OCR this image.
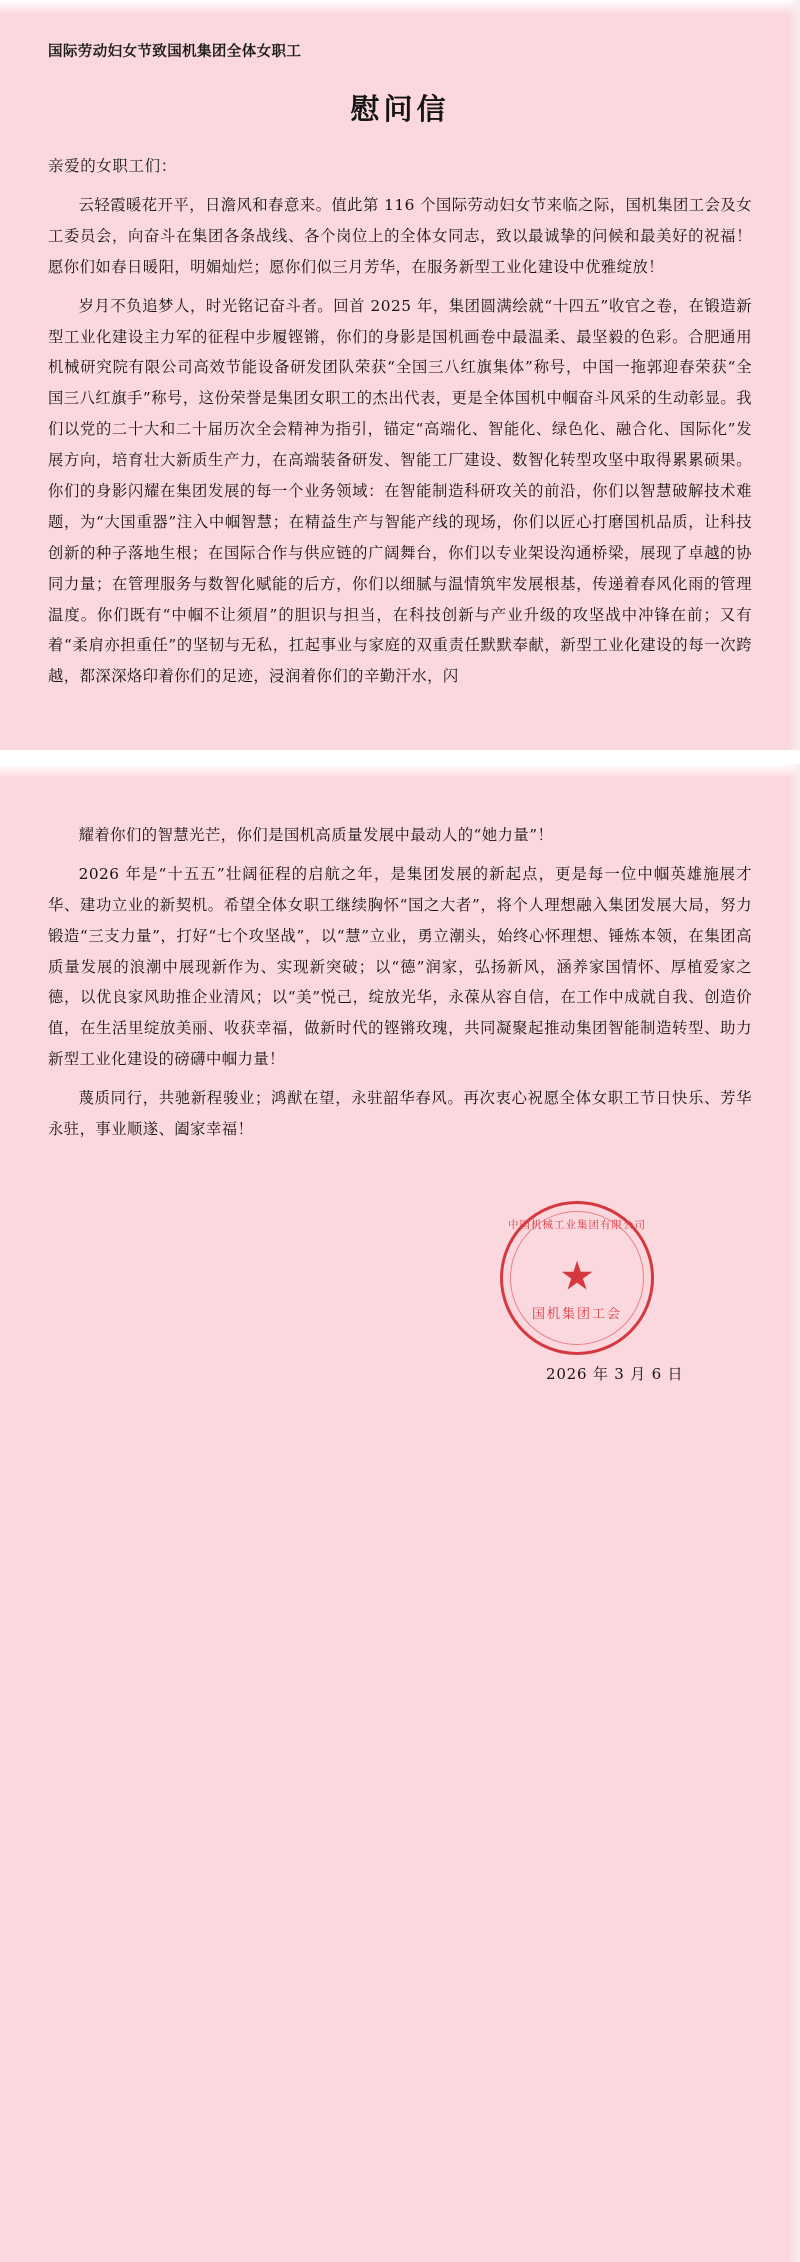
国际劳动妇女节致国机集团全体女职工
慰问信
亲爱的女职工们：

云轻霞暖花开平，日澹风和春意来。值此第 116 个国际劳动妇女节来临之际，国机集团工会及女工委员会，向奋斗在集团各条战线、各个岗位上的全体女同志，致以最诚挚的问候和最美好的祝福！愿你们如春日暖阳，明媚灿烂；愿你们似三月芳华，在服务新型工业化建设中优雅绽放！

岁月不负追梦人，时光铭记奋斗者。回首 2025 年，集团圆满绘就“十四五”收官之卷，在锻造新型工业化建设主力军的征程中步履铿锵，你们的身影是国机画卷中最温柔、最坚毅的色彩。合肥通用机械研究院有限公司高效节能设备研发团队荣获“全国三八红旗集体”称号，中国一拖郭迎春荣获“全国三八红旗手”称号，这份荣誉是集团女职工的杰出代表，更是全体国机中帼奋斗风采的生动彰显。我们以党的二十大和二十届历次全会精神为指引，锚定“高端化、智能化、绿色化、融合化、国际化”发展方向，培育壮大新质生产力，在高端装备研发、智能工厂建设、数智化转型攻坚中取得累累硕果。你们的身影闪耀在集团发展的每一个业务领域：在智能制造科研攻关的前沿，你们以智慧破解技术难题，为“大国重器”注入中帼智慧；在精益生产与智能产线的现场，你们以匠心打磨国机品质，让科技创新的种子落地生根；在国际合作与供应链的广阔舞台，你们以专业架设沟通桥梁，展现了卓越的协同力量；在管理服务与数智化赋能的后方，你们以细腻与温情筑牢发展根基，传递着春风化雨的管理温度。你们既有“中帼不让须眉”的胆识与担当，在科技创新与产业升级的攻坚战中冲锋在前；又有着“柔肩亦担重任”的坚韧与无私，扛起事业与家庭的双重责任默默奉献，新型工业化建设的每一次跨越，都深深烙印着你们的足迹，浸润着你们的辛勤汗水，闪

耀着你们的智慧光芒，你们是国机高质量发展中最动人的“她力量”！

2026 年是“十五五”壮阔征程的启航之年，是集团发展的新起点，更是每一位中帼英雄施展才华、建功立业的新契机。希望全体女职工继续胸怀“国之大者”，将个人理想融入集团发展大局，努力锻造“三支力量”，打好“七个攻坚战”，以“慧”立业，勇立潮头，始终心怀理想、锤炼本领，在集团高质量发展的浪潮中展现新作为、实现新突破；以“德”润家，弘扬新风，涵养家国情怀、厚植爱家之德，以优良家风助推企业清风；以“美”悦己，绽放光华，永葆从容自信，在工作中成就自我、创造价值，在生活里绽放美丽、收获幸福，做新时代的铿锵玫瑰，共同凝聚起推动集团智能制造转型、助力新型工业化建设的磅礴中帼力量！

蔑质同行，共驰新程骏业；鸿猷在望，永驻韶华春风。再次衷心祝愿全体女职工节日快乐、芳华永驻，事业顺遂、阖家幸福！

中国机械工业集团有限公司
★
国机集团工会
2026 年 3 月 6 日
